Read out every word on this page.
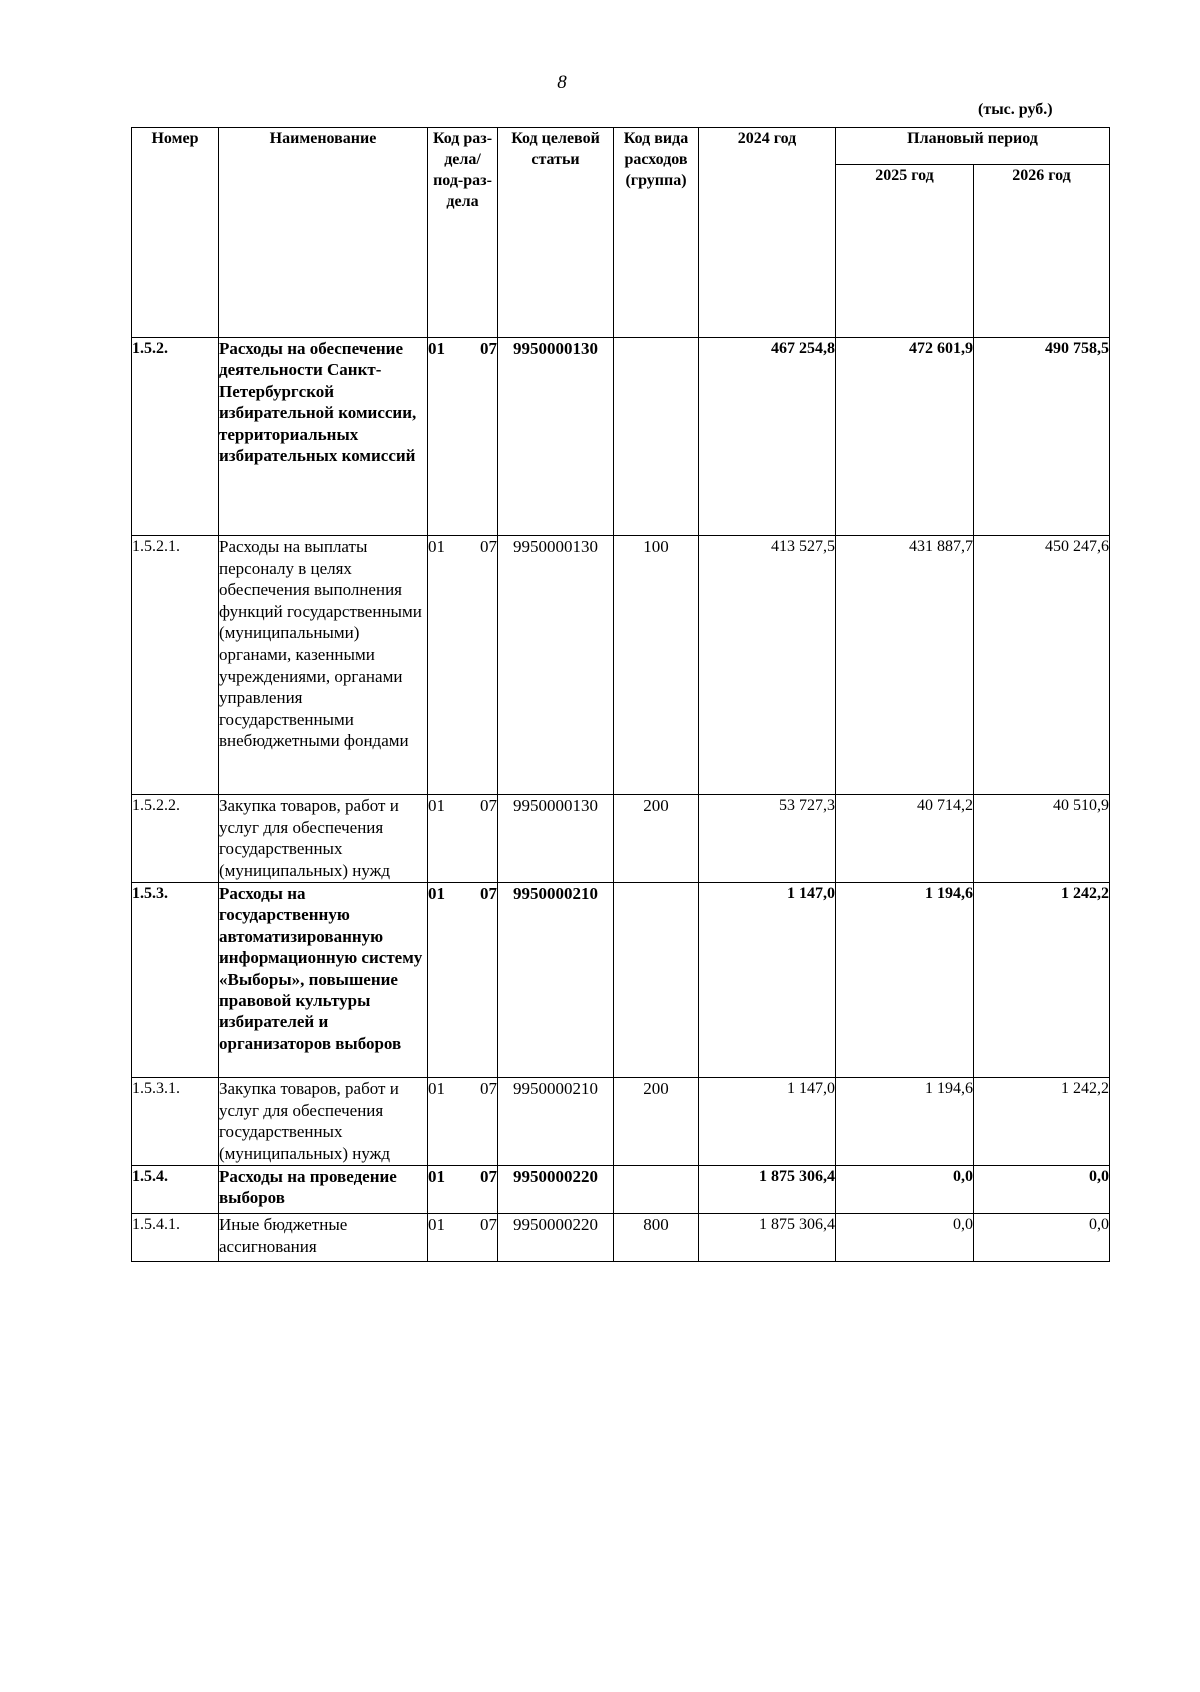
8
(тыс. руб.)
Номер	Наименование	Код раз-дела/ под-раз-дела	Код целевой статьи	Код вида расходов (группа)	2024 год	Плановый период	
						2025 год	2026 год
1.5.2.	Расходы на обеспечение деятельности Санкт-Петербургской избирательной комиссии, территориальных избирательных комиссий	01 07	9950000130		467 254,8	472 601,9	490 758,5
1.5.2.1.	Расходы на выплаты персоналу в целях обеспечения выполнения функций государственными (муниципальными) органами, казенными учреждениями, органами управления государственными внебюджетными фондами	01 07	9950000130	100	413 527,5	431 887,7	450 247,6
1.5.2.2.	Закупка товаров, работ и услуг для обеспечения государственных (муниципальных) нужд	01 07	9950000130	200	53 727,3	40 714,2	40 510,9
1.5.3.	Расходы на государственную автоматизированную информационную систему «Выборы», повышение правовой культуры избирателей и организаторов выборов	01 07	9950000210		1 147,0	1 194,6	1 242,2
1.5.3.1.	Закупка товаров, работ и услуг для обеспечения государственных (муниципальных) нужд	01 07	9950000210	200	1 147,0	1 194,6	1 242,2
1.5.4.	Расходы на проведение выборов	01 07	9950000220		1 875 306,4	0,0	0,0
1.5.4.1.	Иные бюджетные ассигнования	01 07	9950000220	800	1 875 306,4	0,0	0,0
